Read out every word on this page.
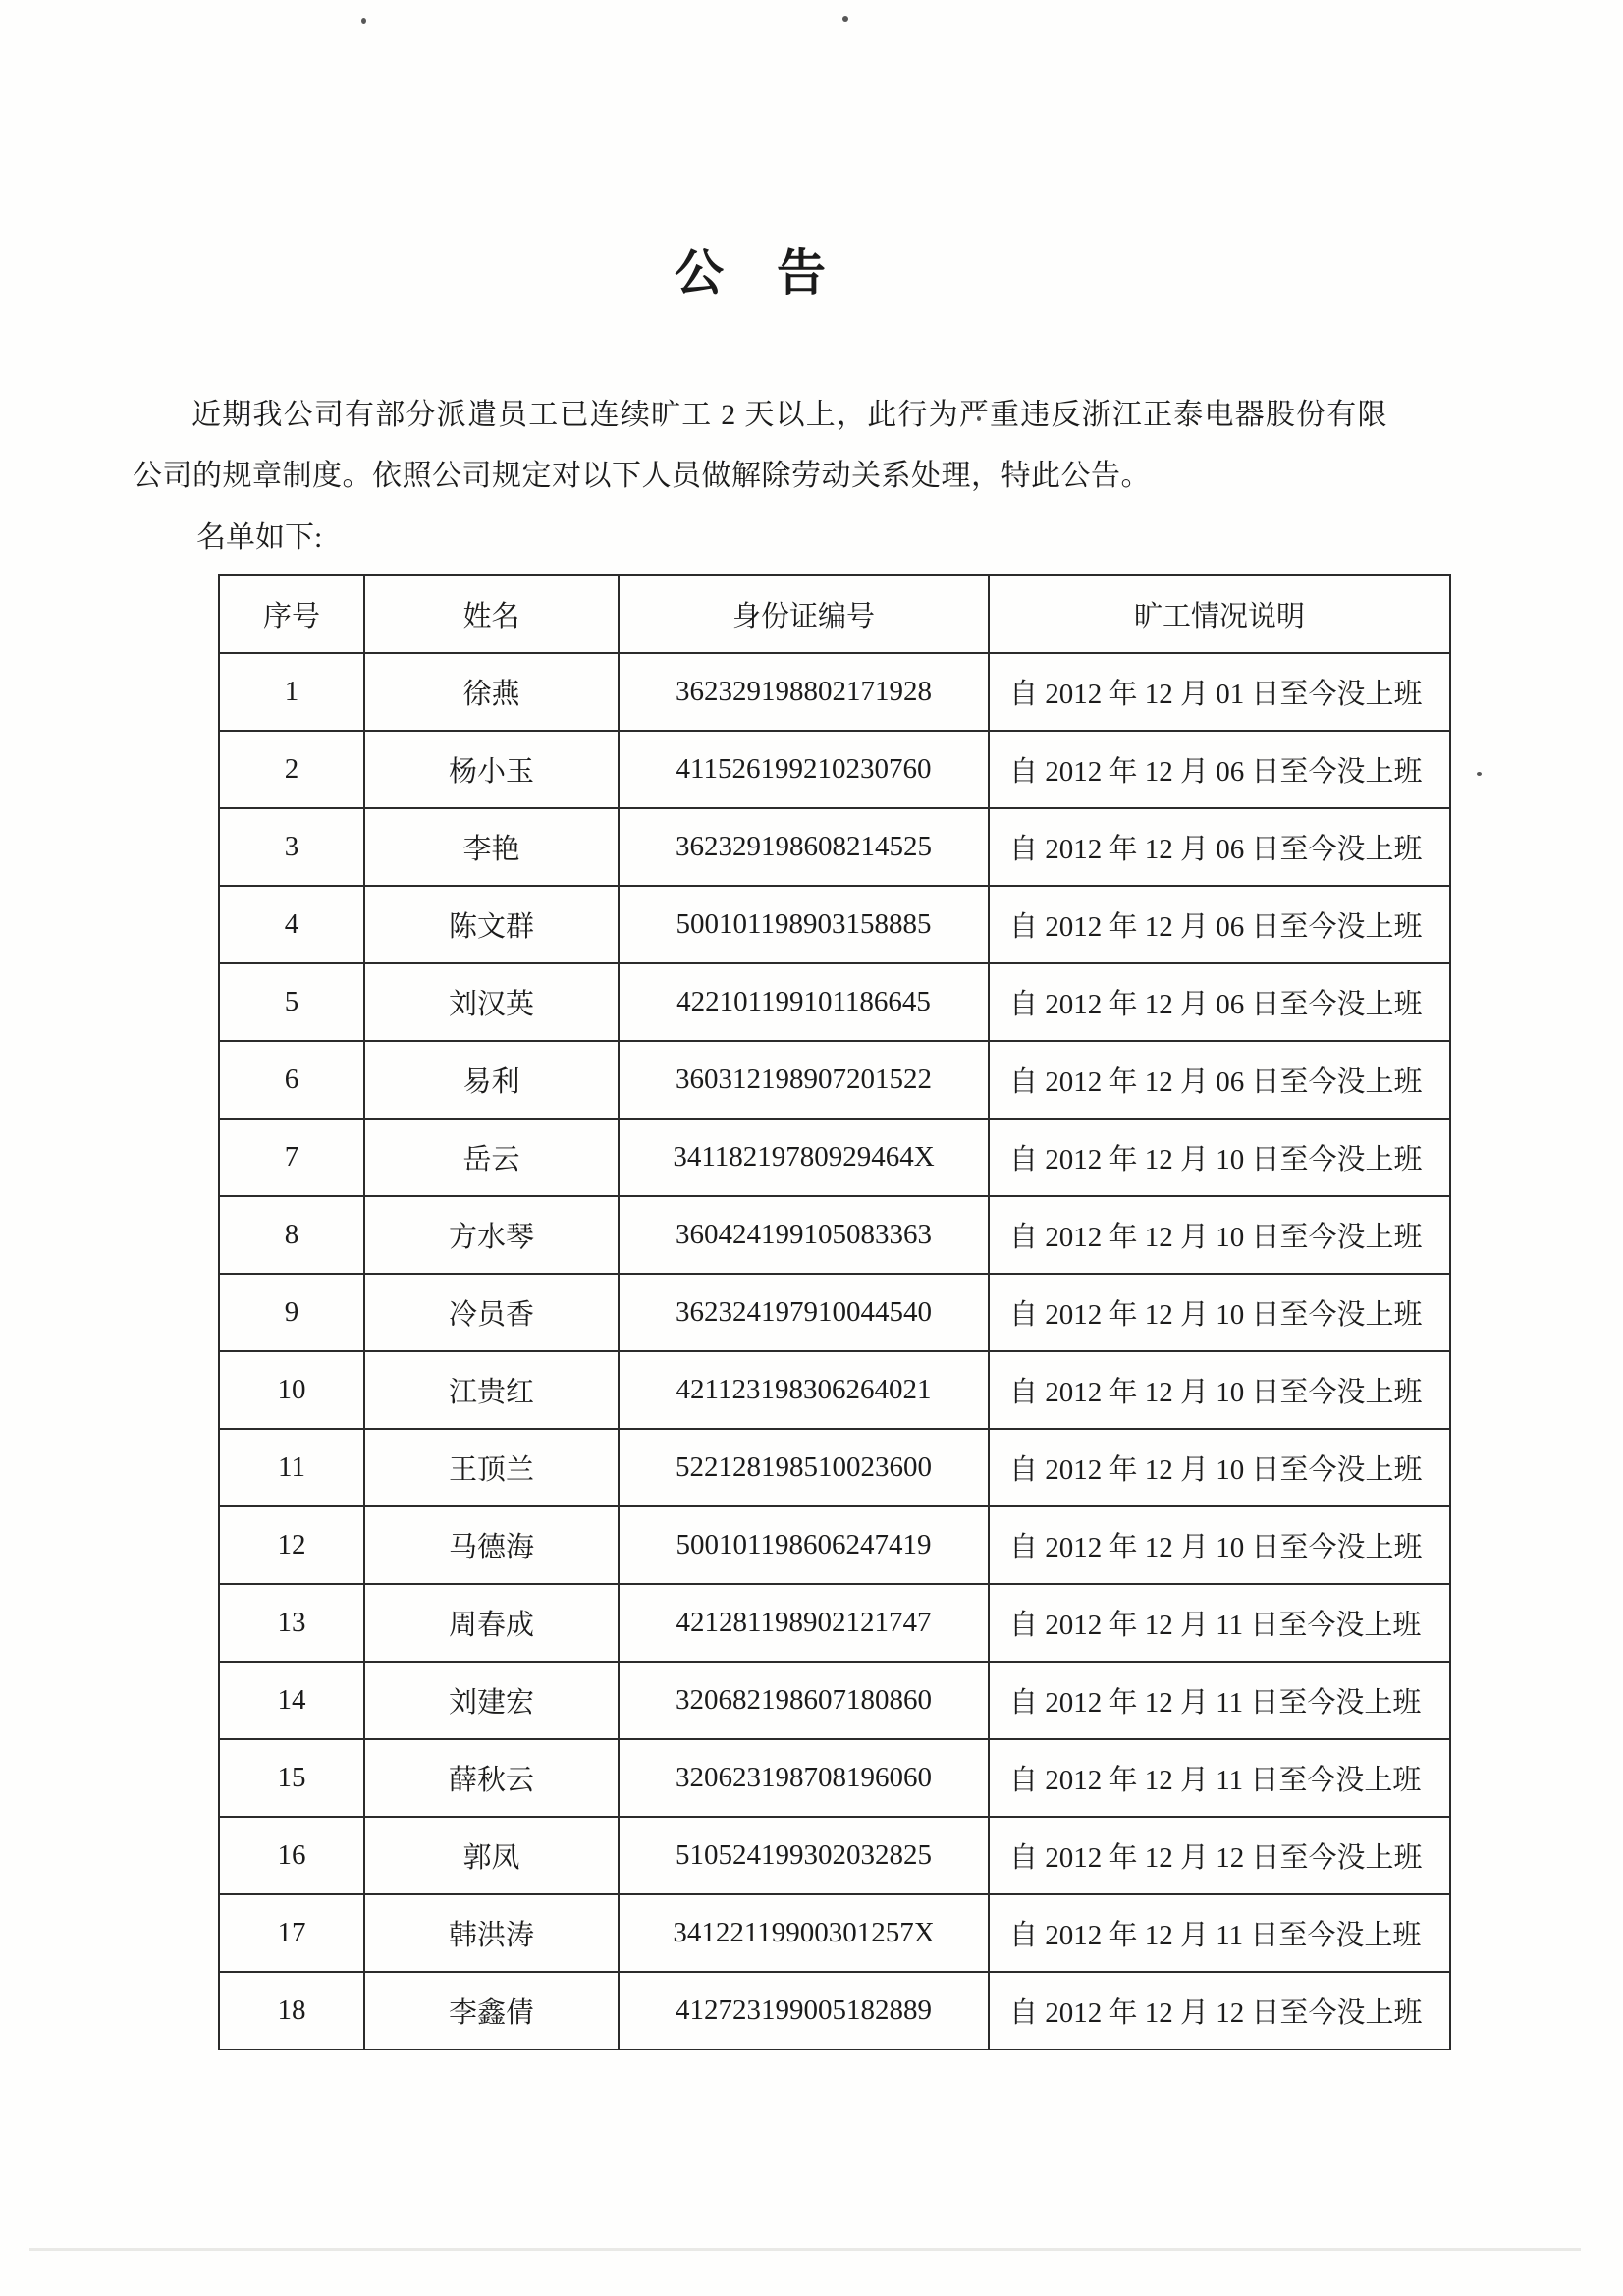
公　告

近期我公司有部分派遣员工已连续旷工 2 天以上，此行为严重违反浙江正泰电器股份有限公司的规章制度。依照公司规定对以下人员做解除劳动关系处理，特此公告。

名单如下:

序号	姓名	身份证编号	旷工情况说明
1	徐燕	362329198802171928	自 2012 年 12 月 01 日至今没上班
2	杨小玉	411526199210230760	自 2012 年 12 月 06 日至今没上班
3	李艳	362329198608214525	自 2012 年 12 月 06 日至今没上班
4	陈文群	500101198903158885	自 2012 年 12 月 06 日至今没上班
5	刘汉英	422101199101186645	自 2012 年 12 月 06 日至今没上班
6	易利	360312198907201522	自 2012 年 12 月 06 日至今没上班
7	岳云	34118219780929464X	自 2012 年 12 月 10 日至今没上班
8	方水琴	360424199105083363	自 2012 年 12 月 10 日至今没上班
9	冷员香	362324197910044540	自 2012 年 12 月 10 日至今没上班
10	江贵红	421123198306264021	自 2012 年 12 月 10 日至今没上班
11	王顶兰	522128198510023600	自 2012 年 12 月 10 日至今没上班
12	马德海	500101198606247419	自 2012 年 12 月 10 日至今没上班
13	周春成	421281198902121747	自 2012 年 12 月 11 日至今没上班
14	刘建宏	320682198607180860	自 2012 年 12 月 11 日至今没上班
15	薛秋云	320623198708196060	自 2012 年 12 月 11 日至今没上班
16	郭凤	510524199302032825	自 2012 年 12 月 12 日至今没上班
17	韩洪涛	34122119900301257X	自 2012 年 12 月 11 日至今没上班
18	李鑫倩	412723199005182889	自 2012 年 12 月 12 日至今没上班
